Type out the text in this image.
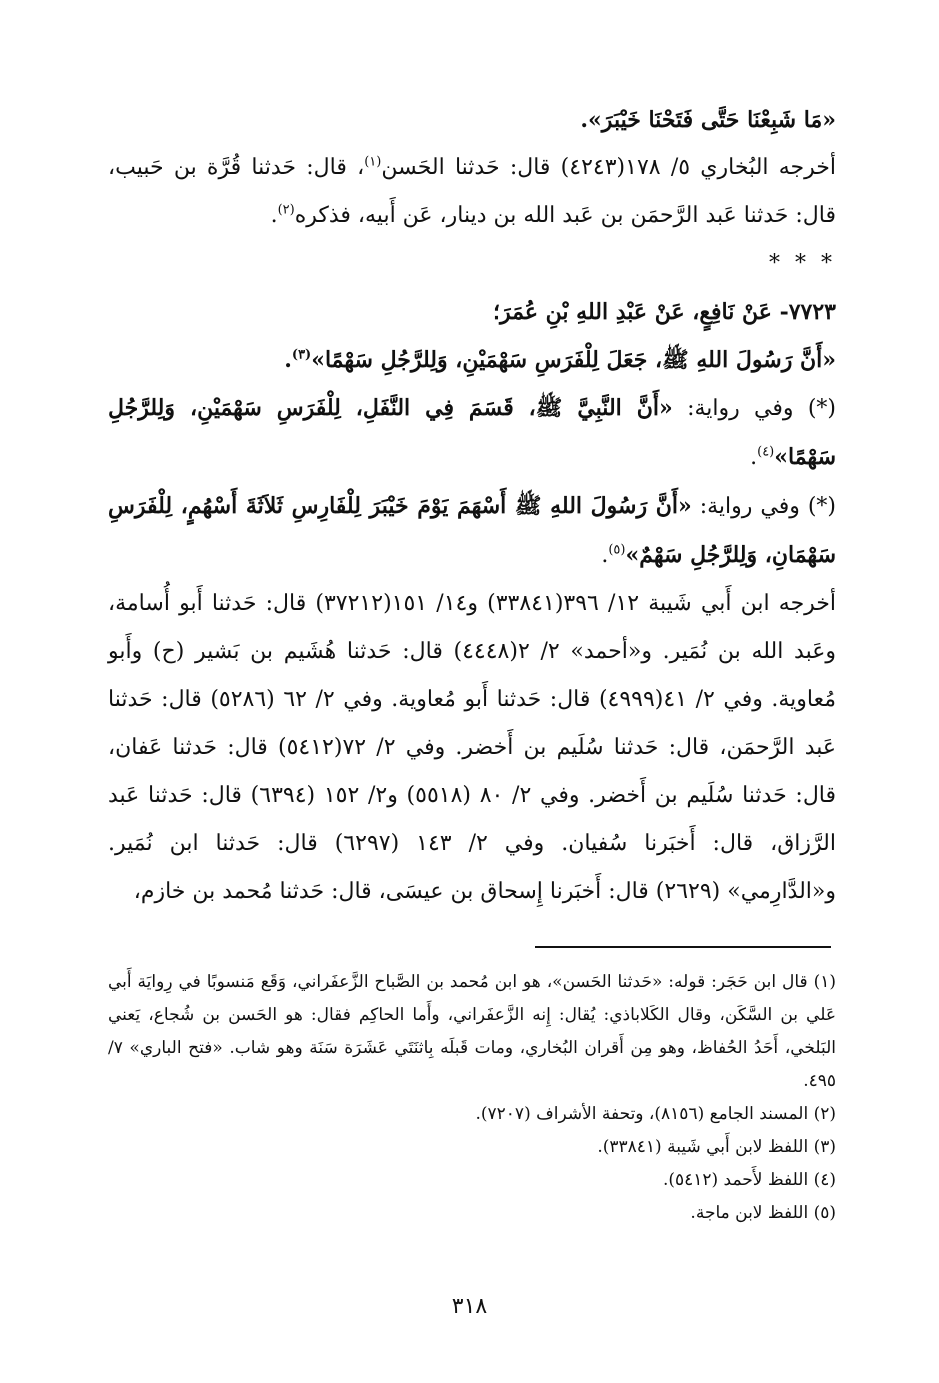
«مَا شَبِعْنَا حَتَّى فَتَحْنَا خَيْبَرَ».

أخرجه البُخاري ٥/ ١٧٨(٤٢٤٣) قال: حَدثنا الحَسن$^{(١)}$، قال: حَدثنا قُرَّة بن حَبيب، قال: حَدثنا عَبد الرَّحمَن بن عَبد الله بن دينار، عَن أَبيه، فذكره$^{(٢)}$.

* * *

٧٧٢٣- عَنْ نَافِعٍ، عَنْ عَبْدِ اللهِ بْنِ عُمَرَ؛

«أَنَّ رَسُولَ اللهِ ﷺ، جَعَلَ لِلْفَرَسِ سَهْمَيْنِ، وَلِلرَّجُلِ سَهْمًا»$^{(٣)}$.

(*) وفي رواية: «أَنَّ النَّبِيَّ ﷺ، قَسَمَ فِي النَّفَلِ، لِلْفَرَسِ سَهْمَيْنِ، وَلِلرَّجُلِ سَهْمًا»$^{(٤)}$.

(*) وفي رواية: «أَنَّ رَسُولَ اللهِ ﷺ أَسْهَمَ يَوْمَ خَيْبَرَ لِلْفَارِسِ ثَلاَثَةَ أَسْهُمٍ، لِلْفَرَسِ سَهْمَانِ، وَلِلرَّجُلِ سَهْمٌ»$^{(٥)}$.

أخرجه ابن أَبي شَيبة ١٢/ ٣٩٦(٣٣٨٤١) و١٤/ ١٥١(٣٧٢١٢) قال: حَدثنا أَبو أُسامة، وعَبد الله بن نُمَير. و«أحمد» ٢/ ٢(٤٤٤٨) قال: حَدثنا هُشَيم بن بَشير (ح) وأَبو مُعاوية. وفي ٢/ ٤١(٤٩٩٩) قال: حَدثنا أَبو مُعاوية. وفي ٢/ ٦٢ (٥٢٨٦) قال: حَدثنا عَبد الرَّحمَن، قال: حَدثنا سُلَيم بن أَخضر. وفي ٢/ ٧٢(٥٤١٢) قال: حَدثنا عَفان، قال: حَدثنا سُلَيم بن أَخضر. وفي ٢/ ٨٠ (٥٥١٨) و٢/ ١٥٢ (٦٣٩٤) قال: حَدثنا عَبد الرَّزاق، قال: أَخبَرنا سُفيان. وفي ٢/ ١٤٣ (٦٢٩٧) قال: حَدثنا ابن نُمَير. و«الدَّارِمي» (٢٦٢٩) قال: أَخبَرنا إِسحاق بن عيسَى، قال: حَدثنا مُحمد بن خازم،

(١) قال ابن حَجَر: قوله: «حَدثنا الحَسن»، هو ابن مُحمد بن الصَّباح الزَّعفَراني، وَقَع مَنسوبًا في رِوايَة أَبي عَلي بن السَّكَن، وقال الكَلاباذي: يُقال: إِنه الزَّعفَراني، وأَما الحاكِم فقال: هو الحَسن بن شُجاع، يَعني البَلخي، أَحَدُ الحُفاظ، وهو مِن أَقران البُخاري، ومات قَبلَه بِاثنَتَي عَشَرَة سَنَة وهو شاب. «فتح الباري» ٧/ ٤٩٥.

(٢) المسند الجامع (٨١٥٦)، وتحفة الأشراف (٧٢٠٧).

(٣) اللفظ لابن أَبي شَيبة (٣٣٨٤١).

(٤) اللفظ لأَحمد (٥٤١٢).

(٥) اللفظ لابن ماجة.

٣١٨
